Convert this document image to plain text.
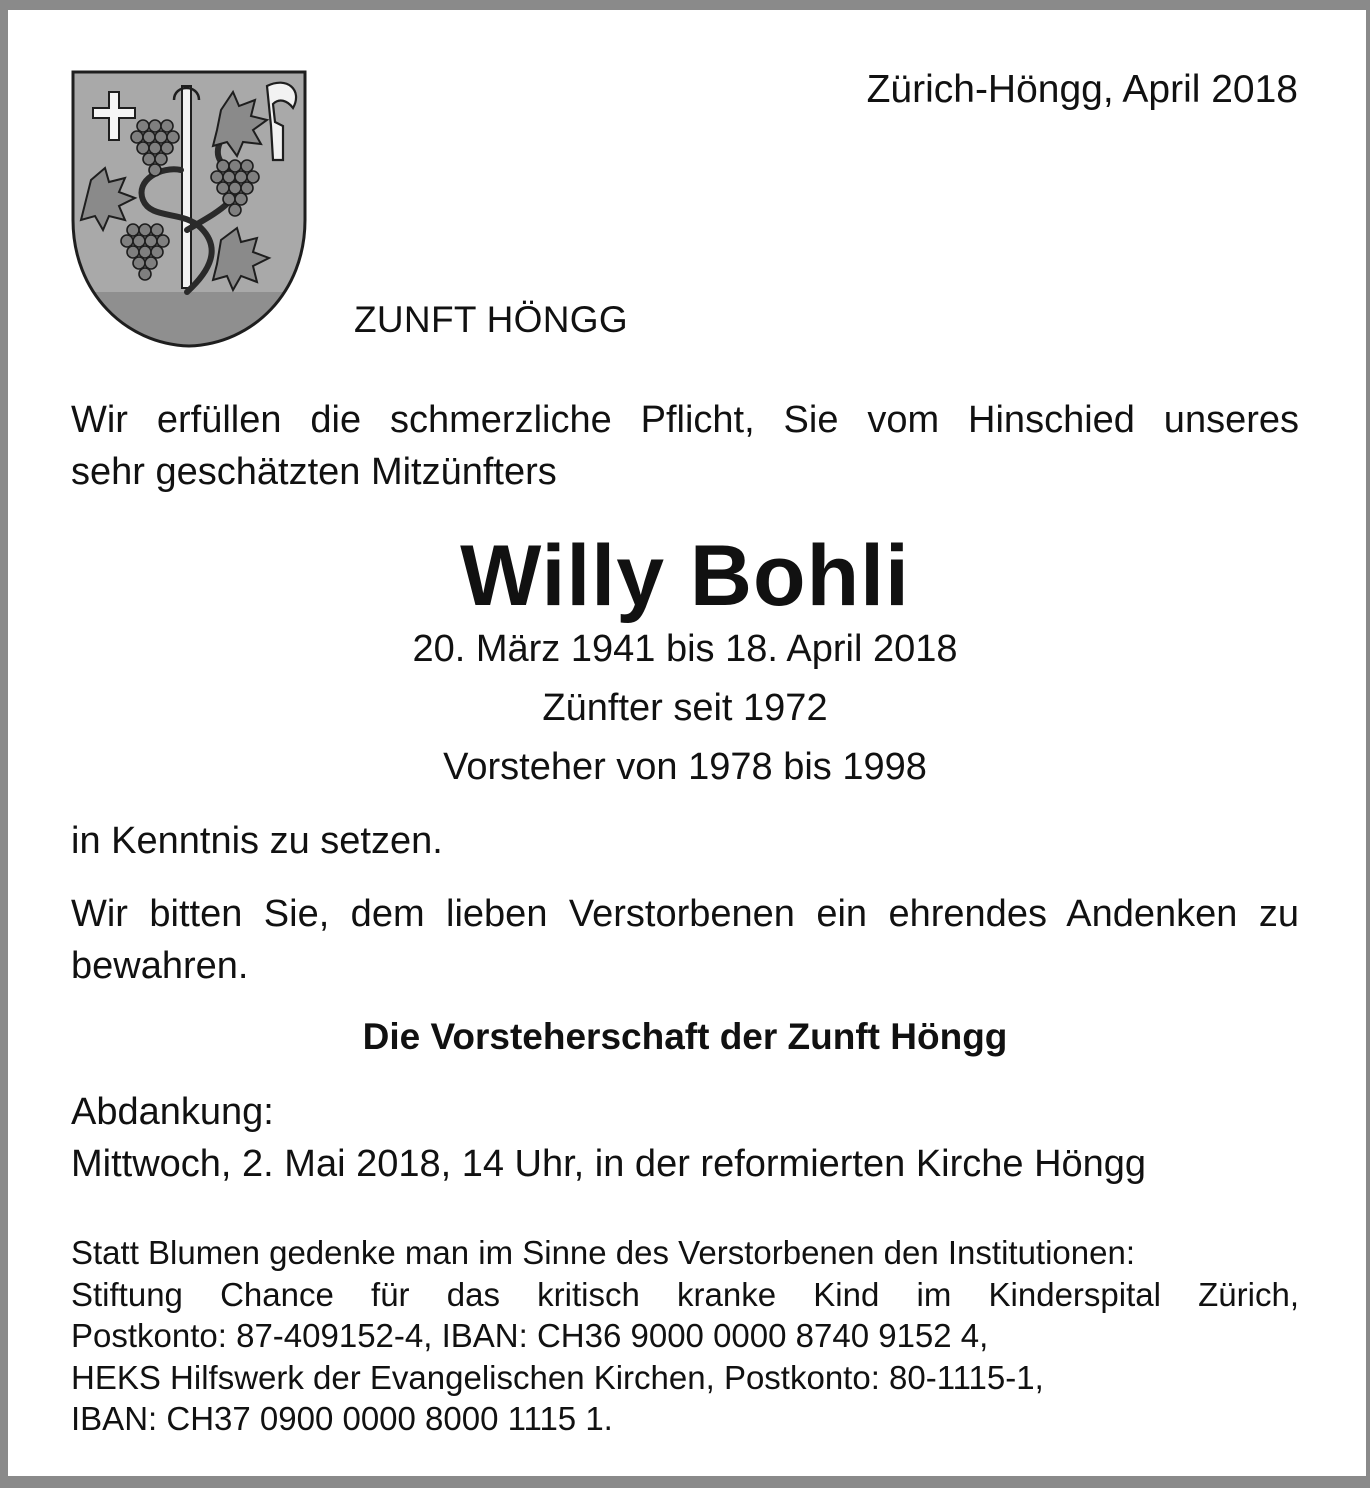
Zürich-Höngg, April 2018

ZUNFT HÖNGG

Wir erfüllen die schmerzliche Pflicht, Sie vom Hinschied unseres
sehr geschätzten Mitzünfters

Willy Bohli

20. März 1941 bis 18. April 2018

Zünfter seit 1972

Vorsteher von 1978 bis 1998

in Kenntnis zu setzen.

Wir bitten Sie, dem lieben Verstorbenen ein ehrendes Andenken zu
bewahren.

Die Vorsteherschaft der Zunft Höngg

Abdankung:
Mittwoch, 2. Mai 2018, 14 Uhr, in der reformierten Kirche Höngg

Statt Blumen gedenke man im Sinne des Verstorbenen den Institutionen:
Stiftung Chance für das kritisch kranke Kind im Kinderspital Zürich,
Postkonto: 87-409152-4, IBAN: CH36 9000 0000 8740 9152 4,
HEKS Hilfswerk der Evangelischen Kirchen, Postkonto: 80-1115-1,
IBAN: CH37 0900 0000 8000 1115 1.
